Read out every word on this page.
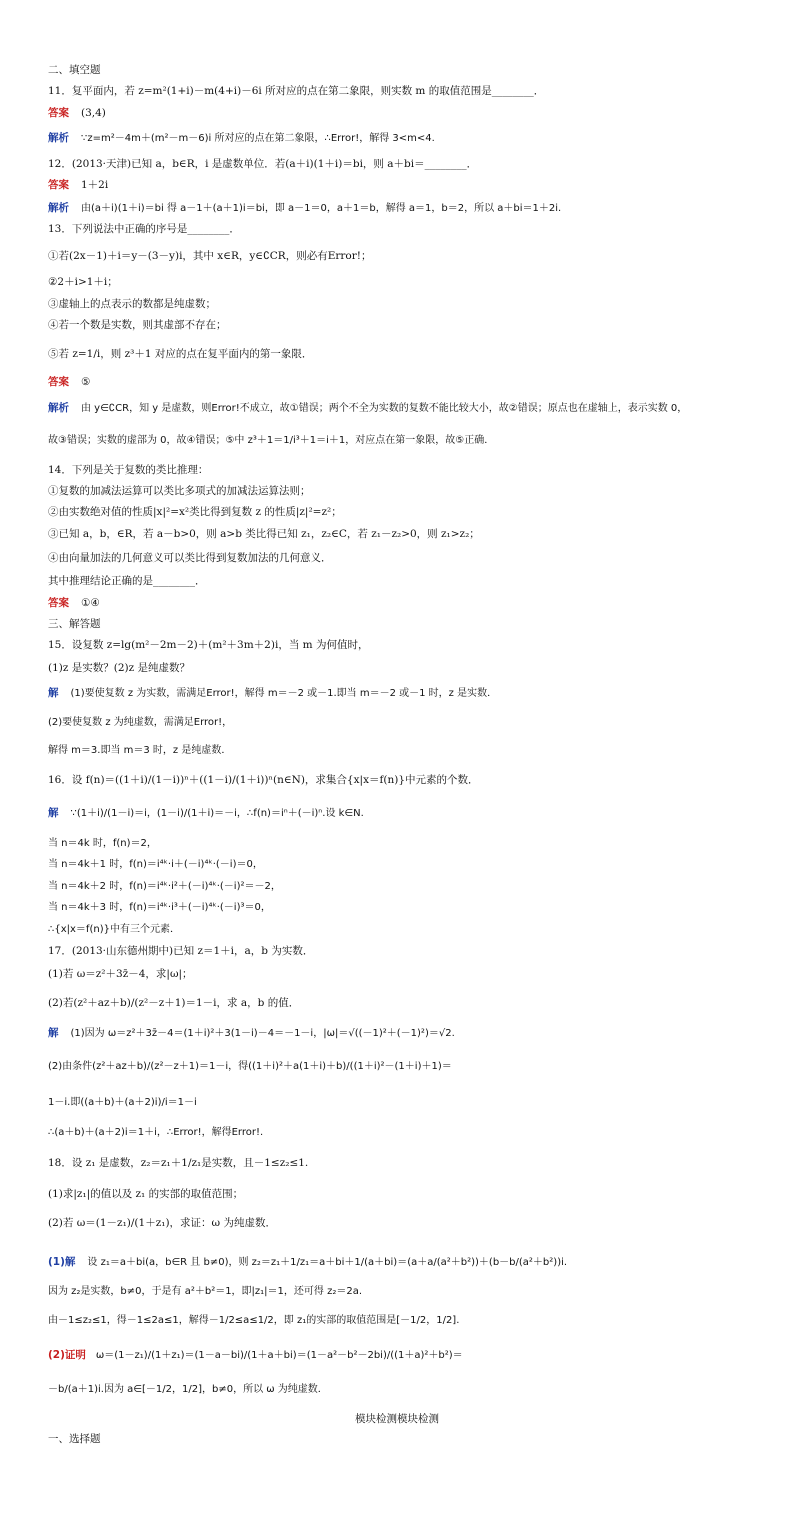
二、填空题
11．复平面内，若 z=m²(1+i)－m(4+i)－6i 所对应的点在第二象限，则实数 m 的取值范围是________．
答案 (3,4)
解析 ∵z=m²－4m＋(m²－m－6)i 所对应的点在第二象限，∴Error!，解得 3<m<4.
12．(2013·天津)已知 a，b∈R，i 是虚数单位．若(a＋i)(1＋i)＝bi，则 a＋bi＝________．
答案 1＋2i
解析 由(a＋i)(1＋i)＝bi 得 a－1＋(a＋1)i＝bi，即 a－1＝0，a＋1＝b，解得 a＝1，b＝2，所以 a＋bi＝1＋2i.
13．下列说法中正确的序号是________．
①若(2x－1)＋i＝y－(3－y)i，其中 x∈R，y∈∁CR，则必有Error!；
②2＋i>1＋i；
③虚轴上的点表示的数都是纯虚数；
④若一个数是实数，则其虚部不存在；
⑤若 z=1/i，则 z³＋1 对应的点在复平面内的第一象限．
答案 ⑤
解析 由 y∈∁CR，知 y 是虚数，则Error!不成立，故①错误；两个不全为实数的复数不能比较大小，故②错误；原点也在虚轴上，表示实数 0，
故③错误；实数的虚部为 0，故④错误；⑤中 z³＋1＝1/i³＋1＝i＋1，对应点在第一象限，故⑤正确．
14．下列是关于复数的类比推理：
①复数的加减法运算可以类比多项式的加减法运算法则；
②由实数绝对值的性质|x|²=x²类比得到复数 z 的性质|z|²=z²；
③已知 a，b，∈R，若 a－b>0，则 a>b 类比得已知 z₁，z₂∈C，若 z₁－z₂>0，则 z₁>z₂；
④由向量加法的几何意义可以类比得到复数加法的几何意义．
其中推理结论正确的是________．
答案 ①④
三、解答题
15．设复数 z=lg(m²－2m－2)＋(m²＋3m＋2)i，当 m 为何值时，
(1)z 是实数？(2)z 是纯虚数？
解 (1)要使复数 z 为实数，需满足Error!，解得 m＝－2 或－1.即当 m＝－2 或－1 时，z 是实数．
(2)要使复数 z 为纯虚数，需满足Error!，
解得 m＝3.即当 m＝3 时，z 是纯虚数．
16．设 f(n)＝((1＋i)/(1－i))ⁿ＋((1－i)/(1＋i))ⁿ(n∈N)，求集合{x|x＝f(n)}中元素的个数．
解 ∵(1＋i)/(1－i)＝i，(1－i)/(1＋i)＝－i，∴f(n)＝iⁿ＋(－i)ⁿ.设 k∈N.
当 n＝4k 时，f(n)＝2，
当 n＝4k＋1 时，f(n)＝i⁴ᵏ·i＋(－i)⁴ᵏ·(－i)＝0，
当 n＝4k＋2 时，f(n)＝i⁴ᵏ·i²＋(－i)⁴ᵏ·(－i)²＝－2，
当 n＝4k＋3 时，f(n)＝i⁴ᵏ·i³＋(－i)⁴ᵏ·(－i)³＝0，
∴{x|x＝f(n)}中有三个元素．
17．(2013·山东德州期中)已知 z＝1＋i，a，b 为实数．
(1)若 ω＝z²＋3z̄－4，求|ω|；
(2)若(z²＋az＋b)/(z²－z＋1)＝1－i，求 a，b 的值．
解 (1)因为 ω＝z²＋3z̄－4＝(1＋i)²＋3(1－i)－4＝－1－i，|ω|＝√((－1)²＋(－1)²)＝√2.
(2)由条件(z²＋az＋b)/(z²－z＋1)＝1－i，得((1＋i)²＋a(1＋i)＋b)/((1＋i)²－(1＋i)＋1)＝
1－i.即((a＋b)＋(a＋2)i)/i＝1－i
∴(a＋b)＋(a＋2)i＝1＋i，∴Error!，解得Error!.
18．设 z₁ 是虚数，z₂＝z₁＋1/z₁是实数，且－1≤z₂≤1.
(1)求|z₁|的值以及 z₁ 的实部的取值范围；
(2)若 ω＝(1－z₁)/(1＋z₁)，求证：ω 为纯虚数．
(1)解 设 z₁＝a＋bi(a，b∈R 且 b≠0)，则 z₂＝z₁＋1/z₁＝a＋bi＋1/(a＋bi)＝(a＋a/(a²＋b²))＋(b－b/(a²＋b²))i.
因为 z₂是实数，b≠0，于是有 a²＋b²＝1，即|z₁|＝1，还可得 z₂＝2a.
由－1≤z₂≤1，得－1≤2a≤1，解得－1/2≤a≤1/2，即 z₁的实部的取值范围是[－1/2，1/2].
(2)证明 ω＝(1－z₁)/(1＋z₁)＝(1－a－bi)/(1＋a＋bi)＝(1－a²－b²－2bi)/((1＋a)²＋b²)＝
－b/(a＋1)i.因为 a∈[－1/2，1/2]，b≠0，所以 ω 为纯虚数．
模块检测模块检测
一、选择题
